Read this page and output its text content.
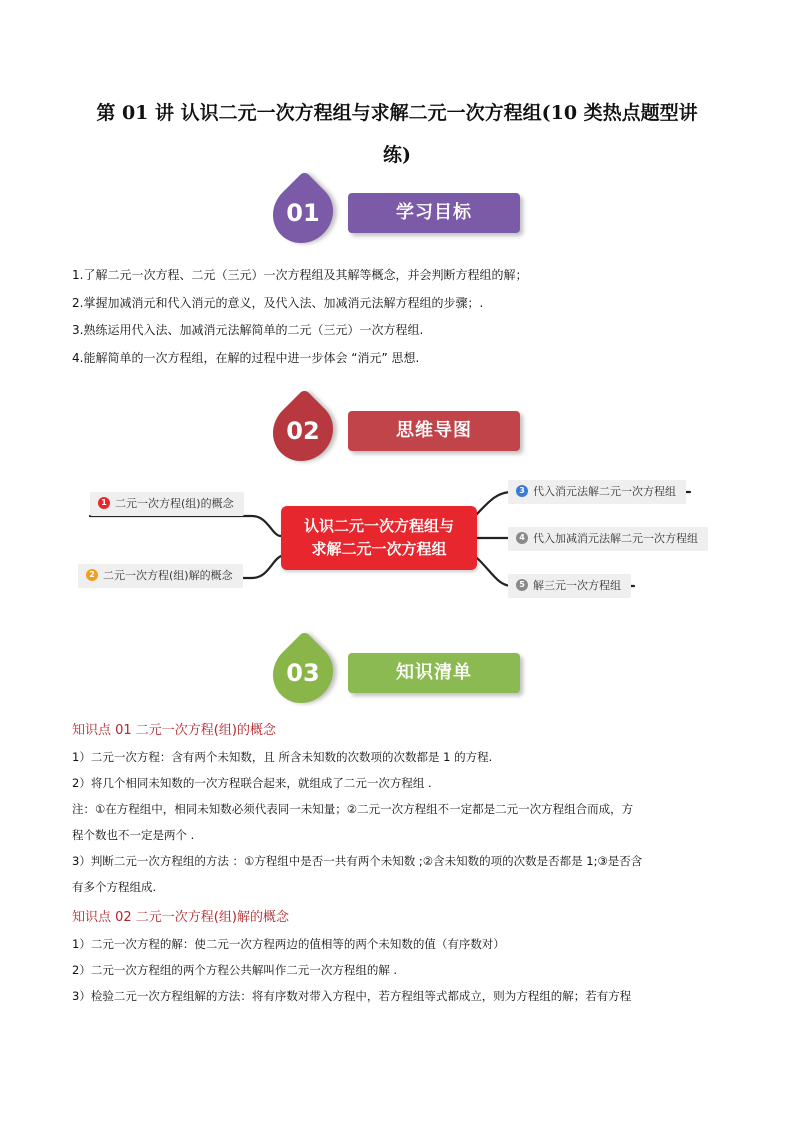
第 01 讲 认识二元一次方程组与求解二元一次方程组(10 类热点题型讲
练)
01	学习目标
1.了解二元一次方程、二元（三元）一次方程组及其解等概念，并会判断方程组的解；
2.掌握加减消元和代入消元的意义，及代入法、加减消元法解方程组的步骤；.
3.熟练运用代入法、加减消元法解简单的二元（三元）一次方程组.
4.能解简单的一次方程组，在解的过程中进一步体会 “消元” 思想.
02	思维导图
1 二元一次方程(组)的概念
2 二元一次方程(组)解的概念
3 代入消元法解二元一次方程组
4 代入加减消元法解二元一次方程组
5 解三元一次方程组
认识二元一次方程组与
求解二元一次方程组
03	知识清单
知识点 01 二元一次方程(组)的概念
1）二元一次方程：含有两个未知数，且 所含未知数的次数项的次数都是 1 的方程.
2）将几个相同未知数的一次方程联合起来，就组成了二元一次方程组 .
注：①在方程组中，相同未知数必须代表同一未知量；②二元一次方程组不一定都是二元一次方程组合而成，方
程个数也不一定是两个 .
3）判断二元一次方程组的方法 ：①方程组中是否一共有两个未知数 ;②含未知数的项的次数是否都是 1;③是否含
有多个方程组成.
知识点 02 二元一次方程(组)解的概念
1）二元一次方程的解：使二元一次方程两边的值相等的两个未知数的值（有序数对）
2）二元一次方程组的两个方程公共解叫作二元一次方程组的解 .
3）检验二元一次方程组解的方法：将有序数对带入方程中，若方程组等式都成立，则为方程组的解；若有方程
